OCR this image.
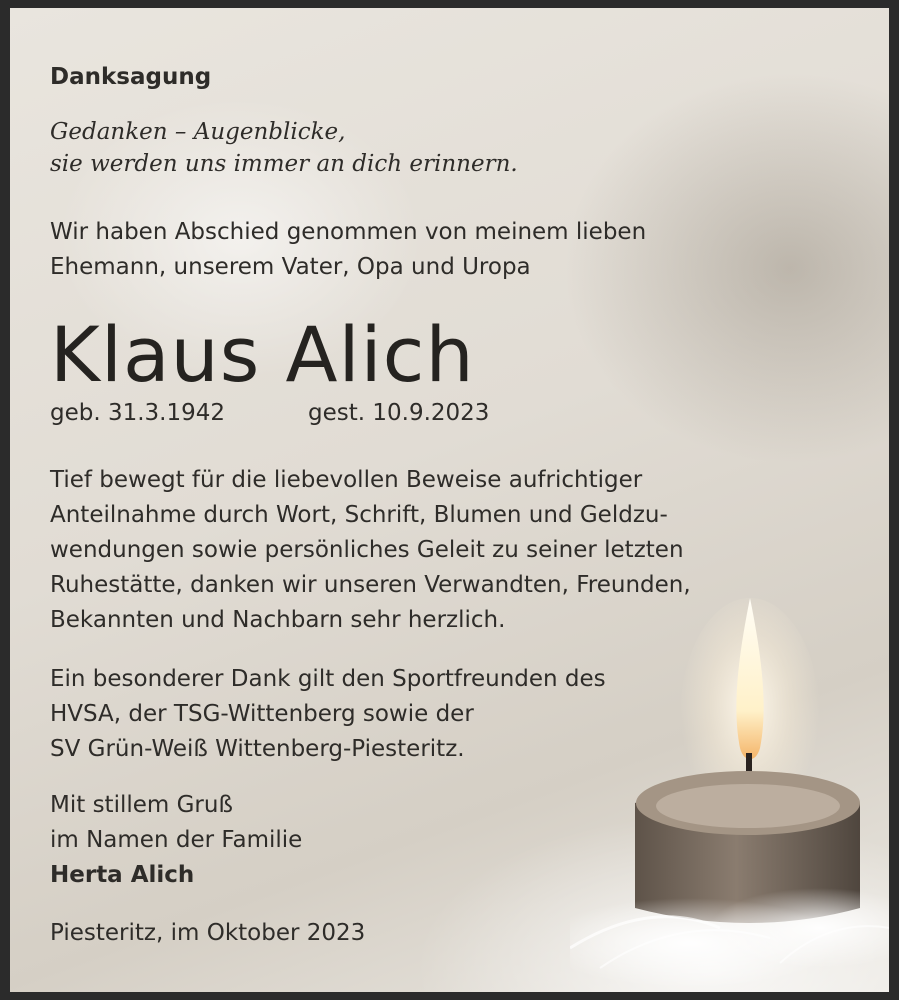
Danksagung

Gedanken – Augenblicke,
sie werden uns immer an dich erinnern.

Wir haben Abschied genommen von meinem lieben
Ehemann, unserem Vater, Opa und Uropa

Klaus Alich

geb. 31.3.1942	gest. 10.9.2023

Tief bewegt für die liebevollen Beweise aufrichtiger
Anteilnahme durch Wort, Schrift, Blumen und Geldzu-
wendungen sowie persönliches Geleit zu seiner letzten
Ruhestätte, danken wir unseren Verwandten, Freunden,
Bekannten und Nachbarn sehr herzlich.

Ein besonderer Dank gilt den Sportfreunden des
HVSA, der TSG-Wittenberg sowie der
SV Grün-Weiß Wittenberg-Piesteritz.

Mit stillem Gruß
im Namen der Familie
Herta Alich

Piesteritz, im Oktober 2023
